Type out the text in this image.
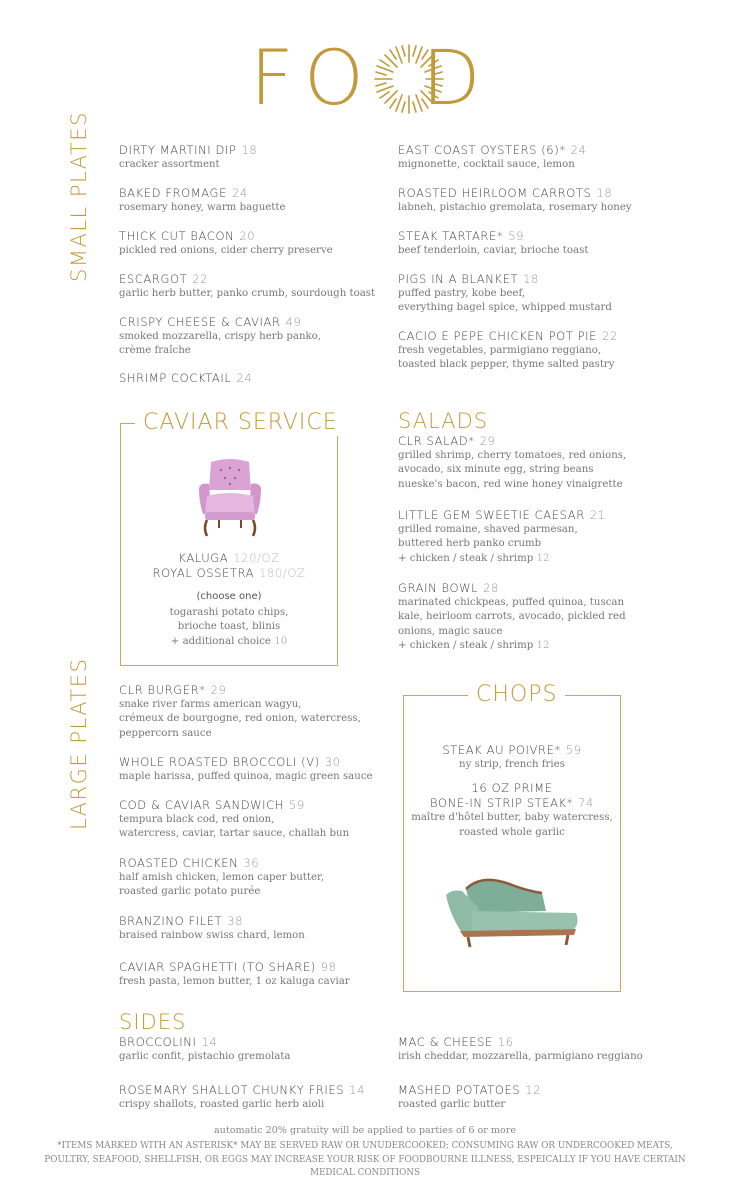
F O D
SMALL PLATES DIRTY MARTINI DIP 18
cracker assortment
BAKED FROMAGE 24
rosemary honey, warm baguette
THICK CUT BACON 20
pickled red onions, cider cherry preserve
ESCARGOT 22
garlic herb butter, panko crumb, sourdough toast
CRISPY CHEESE & CAVIAR 49
smoked mozzarella, crispy herb panko,
crème fraîche
SHRIMP COCKTAIL 24
EAST COAST OYSTERS (6)* 24
mignonette, cocktail sauce, lemon
ROASTED HEIRLOOM CARROTS 18
labneh, pistachio gremolata, rosemary honey
STEAK TARTARE* 59
beef tenderloin, caviar, brioche toast
PIGS IN A BLANKET 18
puffed pastry, kobe beef,
everything bagel spice, whipped mustard
CACIO E PEPE CHICKEN POT PIE 22
fresh vegetables, parmigiano reggiano,
toasted black pepper, thyme salted pastry
CAVIAR SERVICE
KALUGA 120/OZ
ROYAL OSSETRA 180/OZ
(choose one)
togarashi potato chips,
brioche toast, blinis
+ additional choice 10
SALADS
CLR SALAD* 29
grilled shrimp, cherry tomatoes, red onions,
avocado, six minute egg, string beans
nueske's bacon, red wine honey vinaigrette
LITTLE GEM SWEETIE CAESAR 21
grilled romaine, shaved parmesan,
buttered herb panko crumb
+ chicken / steak / shrimp 12
GRAIN BOWL 28
marinated chickpeas, puffed quinoa, tuscan
kale, heirloom carrots, avocado, pickled red
onions, magic sauce
+ chicken / steak / shrimp 12
LARGE PLATES CLR BURGER* 29
snake river farms american wagyu,
crémeux de bourgogne, red onion, watercress,
peppercorn sauce
WHOLE ROASTED BROCCOLI (V) 30
maple harissa, puffed quinoa, magic green sauce
COD & CAVIAR SANDWICH 59
tempura black cod, red onion,
watercress, caviar, tartar sauce, challah bun
ROASTED CHICKEN 36
half amish chicken, lemon caper butter,
roasted garlic potato purée
BRANZINO FILET 38
braised rainbow swiss chard, lemon
CAVIAR SPAGHETTI (TO SHARE) 98
fresh pasta, lemon butter, 1 oz kaluga caviar
CHOPS
STEAK AU POIVRE* 59
ny strip, french fries
16 OZ PRIME
BONE-IN STRIP STEAK* 74
maître d'hôtel butter, baby watercress,
roasted whole garlic
SIDES
BROCCOLINI 14
garlic confit, pistachio gremolata
MAC & CHEESE 16
irish cheddar, mozzarella, parmigiano reggiano
ROSEMARY SHALLOT CHUNKY FRIES 14
crispy shallots, roasted garlic herb aioli
MASHED POTATOES 12
roasted garlic butter
automatic 20% gratuity will be applied to parties of 6 or more
*ITEMS MARKED WITH AN ASTERISK* MAY BE SERVED RAW OR UNUDERCOOKED; CONSUMING RAW OR UNDERCOOKED MEATS, POULTRY, SEAFOOD, SHELLFISH, OR EGGS MAY INCREASE YOUR RISK OF FOODBOURNE ILLNESS, ESPEICALLY IF YOU HAVE CERTAIN MEDICAL CONDITIONS
